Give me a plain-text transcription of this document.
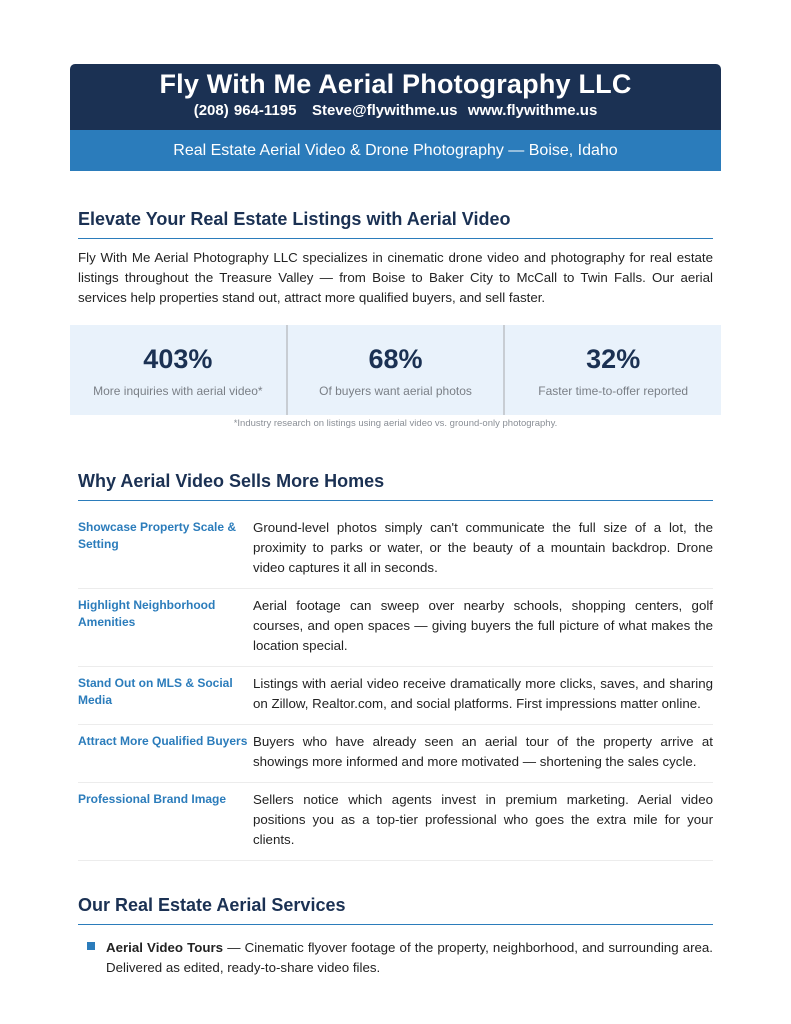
Fly With Me Aerial Photography LLC
(208) 964-1195 Steve@flywithme.us www.flywithme.us
Real Estate Aerial Video & Drone Photography — Boise, Idaho
Elevate Your Real Estate Listings with Aerial Video
Fly With Me Aerial Photography LLC specializes in cinematic drone video and photography for real estate listings throughout the Treasure Valley — from Boise to Baker City to McCall to Twin Falls. Our aerial services help properties stand out, attract more qualified buyers, and sell faster.
403%
More inquiries with aerial video*
68%
Of buyers want aerial photos
32%
Faster time-to-offer reported
*Industry research on listings using aerial video vs. ground-only photography.
Why Aerial Video Sells More Homes
Showcase Property Scale & Setting
Ground-level photos simply can't communicate the full size of a lot, the proximity to parks or water, or the beauty of a mountain backdrop. Drone video captures it all in seconds.
Highlight Neighborhood Amenities
Aerial footage can sweep over nearby schools, shopping centers, golf courses, and open spaces — giving buyers the full picture of what makes the location special.
Stand Out on MLS & Social Media
Listings with aerial video receive dramatically more clicks, saves, and sharing on Zillow, Realtor.com, and social platforms. First impressions matter online.
Attract More Qualified Buyers Buyers who have already seen an aerial tour of the property arrive at showings more informed and more motivated — shortening the sales cycle.
Professional Brand Image	Sellers notice which agents invest in premium marketing. Aerial video positions you as a top-tier professional who goes the extra mile for your clients.
Our Real Estate Aerial Services
Aerial Video Tours — Cinematic flyover footage of the property, neighborhood, and surrounding area. Delivered as edited, ready-to-share video files.
